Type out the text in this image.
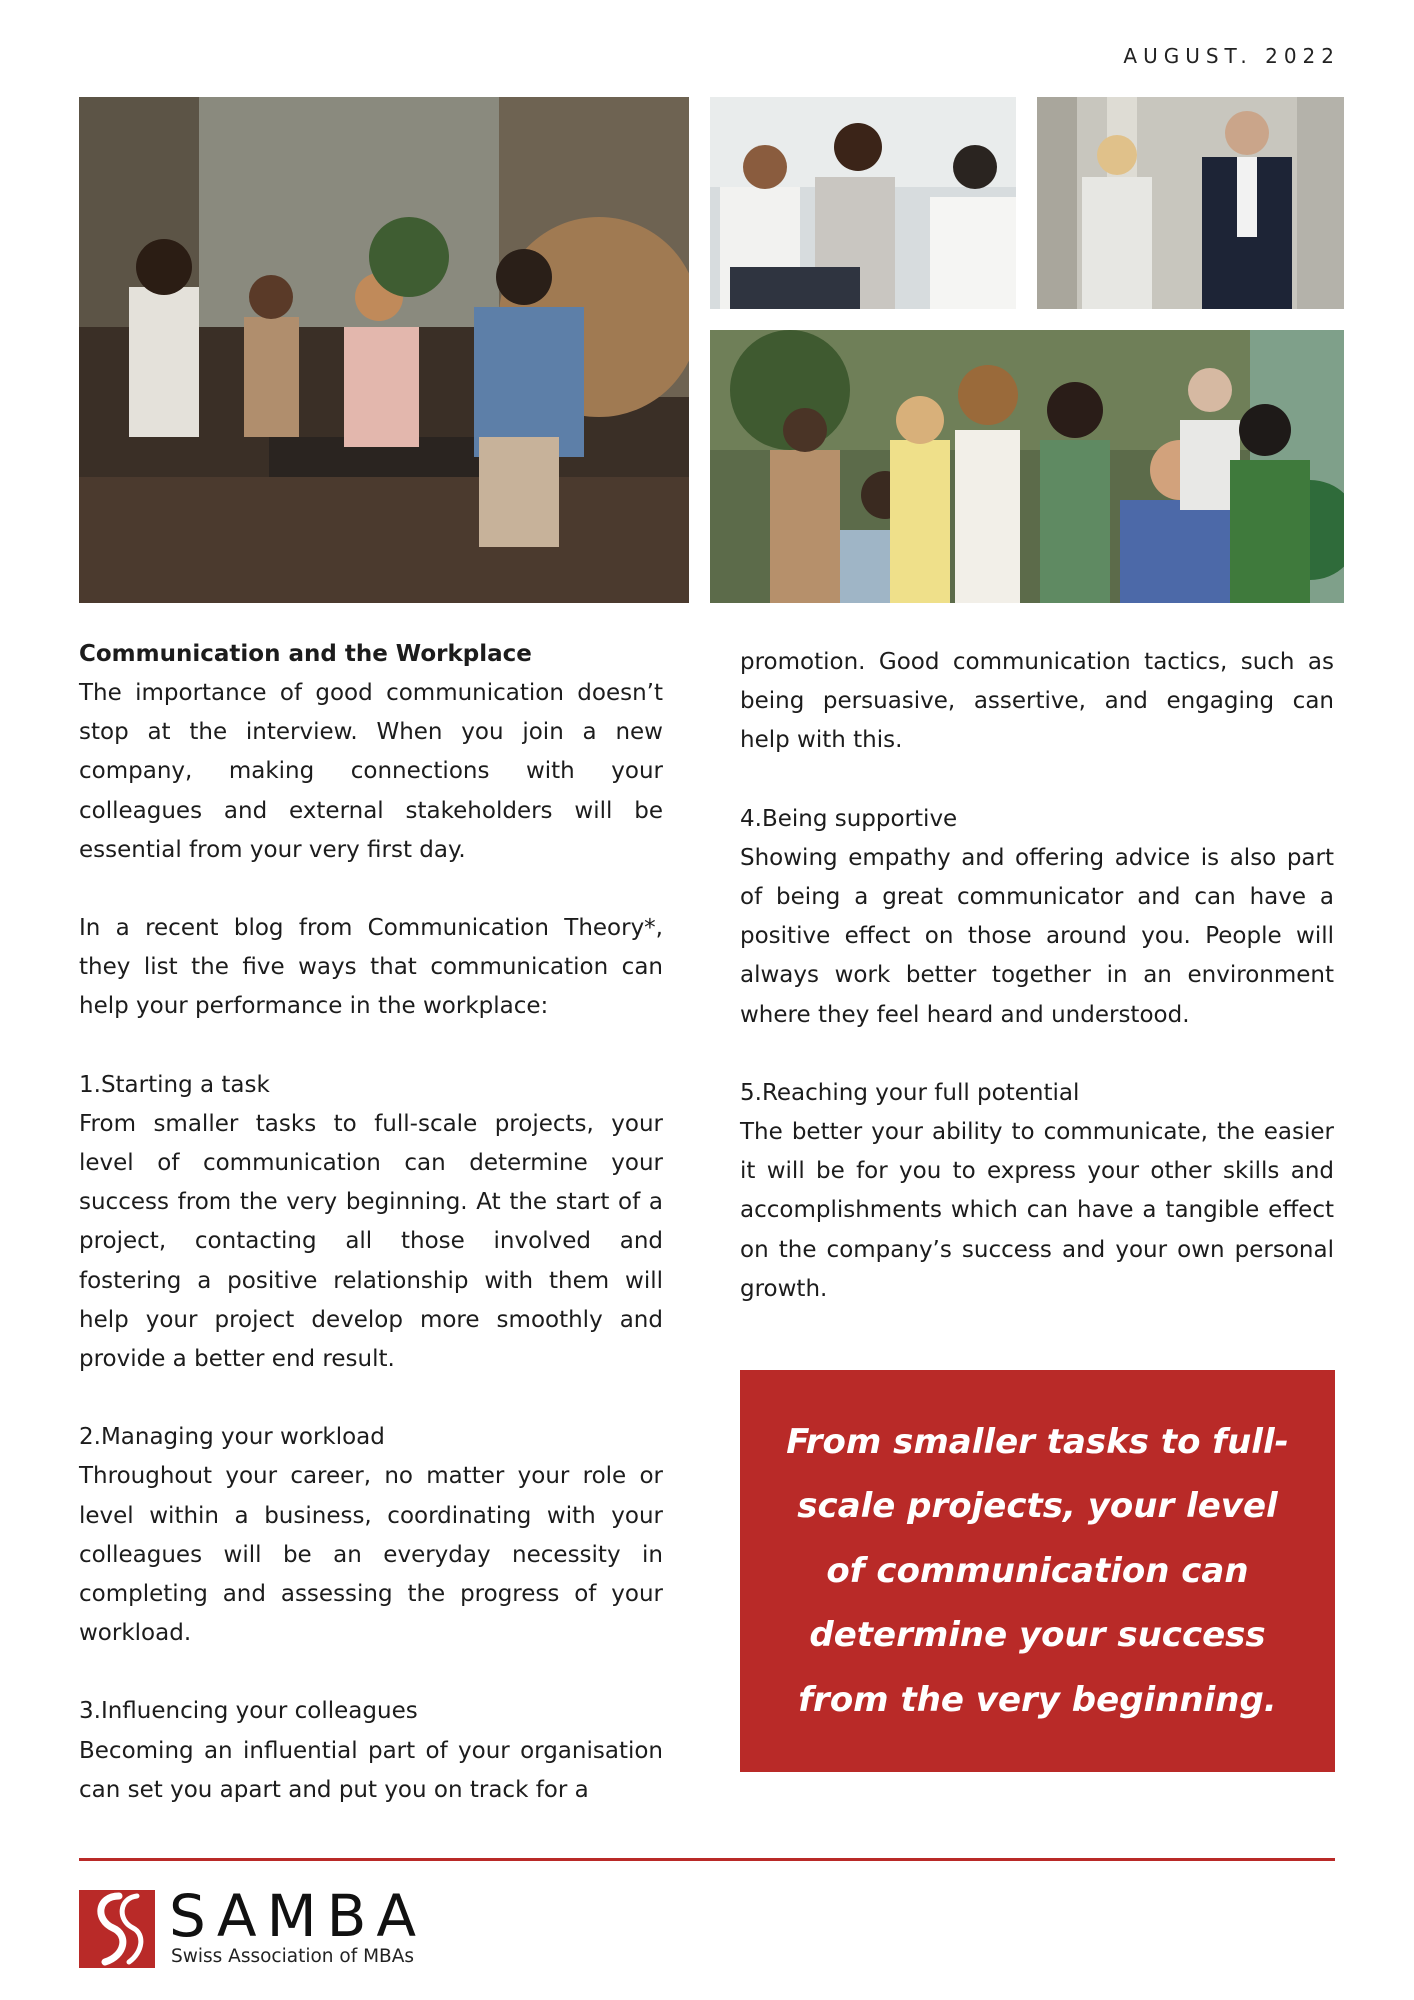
AUGUST. 2022
Communication and the Workplace

The importance of good communication doesn’t stop at the interview. When you join a new company, making connections with your colleagues and external stakeholders will be essential from your very first day.

In a recent blog from Communication Theory*, they list the five ways that communication can help your performance in the workplace:

1.Starting a task
From smaller tasks to full-scale projects, your level of communication can determine your success from the very beginning. At the start of a project, contacting all those involved and fostering a positive relationship with them will help your project develop more smoothly and provide a better end result.

2.Managing your workload
Throughout your career, no matter your role or level within a business, coordinating with your colleagues will be an everyday necessity in completing and assessing the progress of your workload.

3.Influencing your colleagues
Becoming an influential part of your organisation can set you apart and put you on track for a

promotion. Good communication tactics, such as being persuasive, assertive, and engaging can help with this.

4.Being supportive
Showing empathy and offering advice is also part of being a great communicator and can have a positive effect on those around you. People will always work better together in an environment where they feel heard and understood.

5.Reaching your full potential
The better your ability to communicate, the easier it will be for you to express your other skills and accomplishments which can have a tangible effect on the company’s success and your own personal growth.

From smaller tasks to full-scale projects, your level of communication can determine your success from the very beginning.

SAMBA
Swiss Association of MBAs
